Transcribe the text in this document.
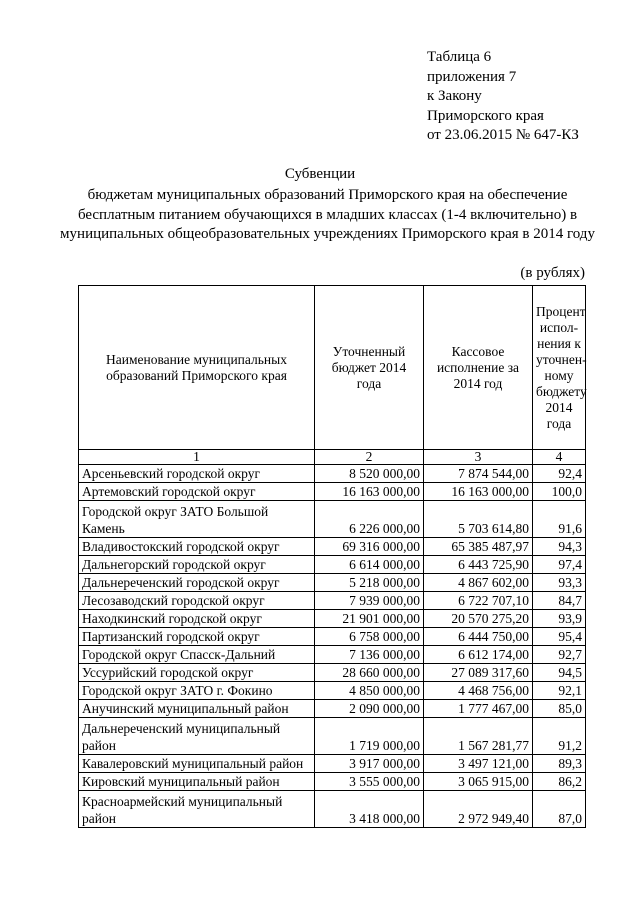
Таблица 6
приложения 7
к Закону
Приморского края
от 23.06.2015 № 647-КЗ
Субвенции
бюджетам муниципальных образований Приморского края на обеспечение бесплатным питанием обучающихся в младших классах (1-4 включительно) в муниципальных общеобразовательных учреждениях Приморского края в 2014 году
(в рублях)
Наименование муниципальных образований Приморского края	Уточненный бюджет 2014 года	Кассовое исполнение за 2014 год	Процент испол- нения к уточнен- ному бюджету 2014 года
1	2	3	4
Арсеньевский городской округ	8 520 000,00	7 874 544,00	92,4
Артемовский городской округ	16 163 000,00	16 163 000,00	100,0
Городской округ ЗАТО Большой Камень	6 226 000,00	5 703 614,80	91,6
Владивостокский городской округ	69 316 000,00	65 385 487,97	94,3
Дальнегорский городской округ	6 614 000,00	6 443 725,90	97,4
Дальнереченский городской округ	5 218 000,00	4 867 602,00	93,3
Лесозаводский городской округ	7 939 000,00	6 722 707,10	84,7
Находкинский городской округ	21 901 000,00	20 570 275,20	93,9
Партизанский городской округ	6 758 000,00	6 444 750,00	95,4
Городской округ Спасск-Дальний	7 136 000,00	6 612 174,00	92,7
Уссурийский городской округ	28 660 000,00	27 089 317,60	94,5
Городской округ ЗАТО г. Фокино	4 850 000,00	4 468 756,00	92,1
Анучинский муниципальный район	2 090 000,00	1 777 467,00	85,0
Дальнереченский муниципальный район	1 719 000,00	1 567 281,77	91,2
Кавалеровский муниципальный район	3 917 000,00	3 497 121,00	89,3
Кировский муниципальный район	3 555 000,00	3 065 915,00	86,2
Красноармейский муниципальный район	3 418 000,00	2 972 949,40	87,0
